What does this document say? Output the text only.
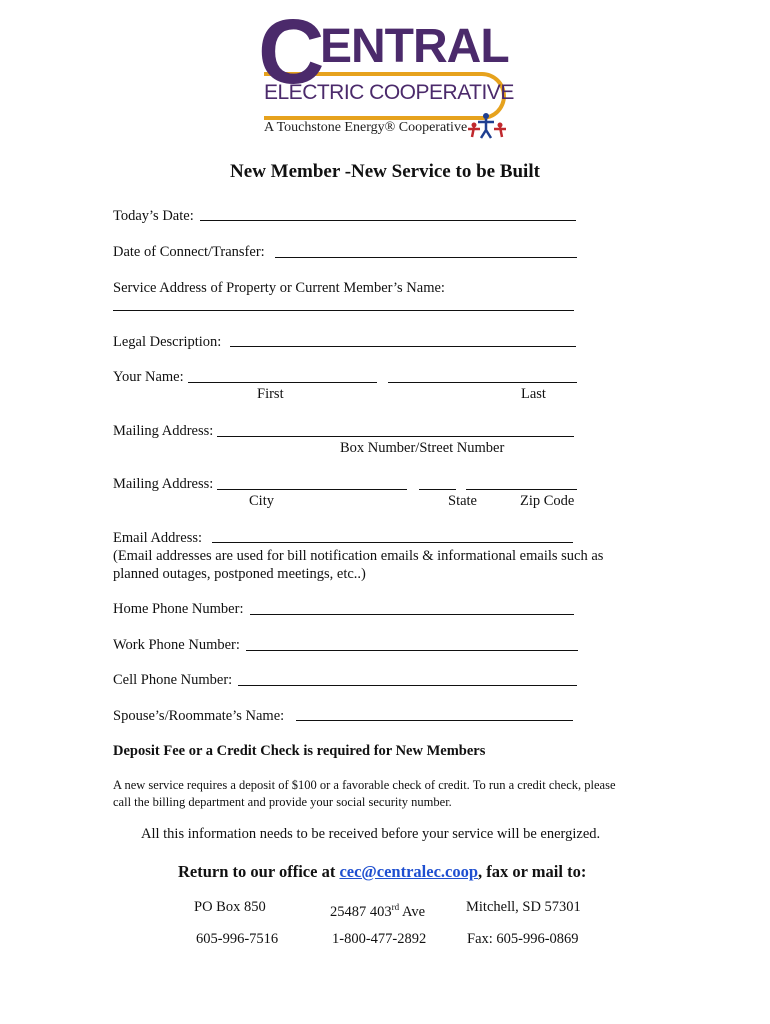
C
ENTRAL
ELECTRIC COOPERATIVE
A Touchstone Energy® Cooperative
New Member -New Service to be Built
Today’s Date:
Date of Connect/Transfer:
Service Address of Property or Current Member’s Name:
Legal Description:
Your Name:
First	Last
Mailing Address:
Box Number/Street Number
Mailing Address:
City	State	Zip Code
Email Address:
(Email addresses are used for bill notification emails & informational emails such as
planned outages, postponed meetings, etc..)
Home Phone Number:
Work Phone Number:
Cell Phone Number:
Spouse’s/Roommate’s Name:
Deposit Fee or a Credit Check is required for New Members
A new service requires a deposit of $100 or a favorable check of credit. To run a credit check, please
call the billing department and provide your social security number.
All this information needs to be received before your service will be energized.
Return to our office at cec@centralec.coop, fax or mail to:
PO Box 850	25487 403rd Ave	Mitchell, SD 57301
605-996-7516	1-800-477-2892	Fax: 605-996-0869
